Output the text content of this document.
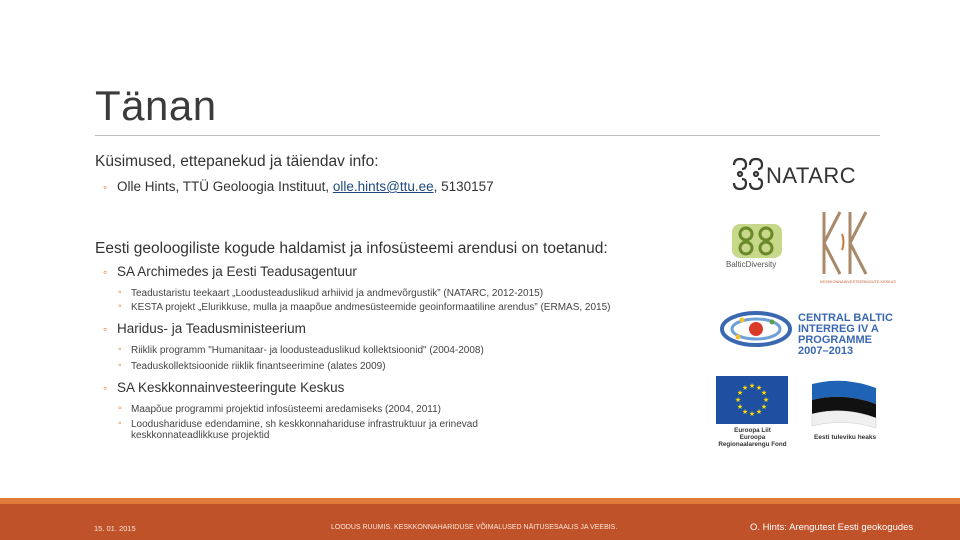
Tänan

Küsimused, ettepanekud ja täiendav info:

◦ Olle Hints, TTÜ Geoloogia Instituut, olle.hints@ttu.ee, 5130157

Eesti geoloogiliste kogude haldamist ja infosüsteemi arendusi on toetanud:

◦ SA Archimedes ja Eesti Teadusagentuur

◦ Teadustaristu teekaart „Loodusteaduslikud arhiivid ja andmevõrgustik” (NATARC, 2012-2015)

◦ KESTA projekt „Elurikkuse, mulla ja maapõue andmesüsteemide geoinformaatiline arendus” (ERMAS, 2015)

◦ Haridus- ja Teadusministeerium

◦ Riiklik programm "Humanitaar- ja loodusteaduslikud kollektsioonid" (2004-2008)

◦ Teaduskollektsioonide riiklik finantseerimine (alates 2009)

◦ SA Keskkonnainvesteeringute Keskus

◦ Maapõue programmi projektid infosüsteemi aredamiseks (2004, 2011)

◦ Loodushariduse edendamine, sh keskkonnahariduse infrastruktuur ja erinevad keskkonnateadlikkuse projektid

NATARC
BalticDiversity
KESKKONNAINVESTEERINGUTE KESKUS
CENTRAL BALTIC
INTERREG IV A
PROGRAMME
2007–2013
★ ★
★
★
★
★
★
★
★
★
★
★
Euroopa Liit
Euroopa
Regionaalarengu Fond
Eesti tuleviku heaks
15. 01. 2015	LOODUS RUUMIS. KESKKONNAHARIDUSE VÕIMALUSED NÄITUSESAALIS JA VEEBIS.	O. Hints: Arengutest Eesti geokogudes
